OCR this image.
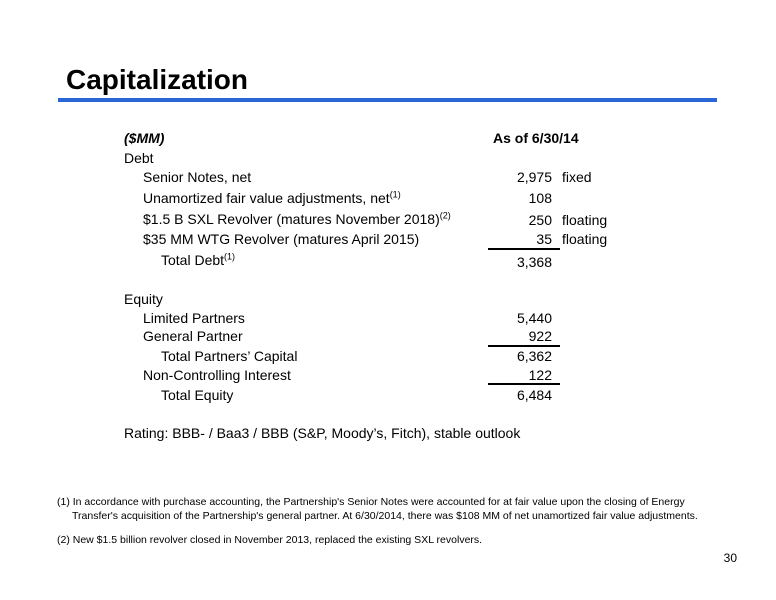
Capitalization
($MM)	As of 6/30/14
Debt
Senior Notes, net	2,975 fixed
Unamortized fair value adjustments, net$^{(1)}$	108
$1.5 B SXL Revolver (matures November 2018)$^{(2)}$	250 floating
$35 MM WTG Revolver (matures April 2015)	35 floating
Total Debt$^{(1)}$	3,368
Equity
Limited Partners	5,440
General Partner	922
Total Partners’ Capital	6,362
Non-Controlling Interest	122
Total Equity	6,484
Rating: BBB- / Baa3 / BBB (S&P, Moody’s, Fitch), stable outlook
(1) In accordance with purchase accounting, the Partnership's Senior Notes were accounted for at fair value upon the closing of Energy
Transfer's acquisition of the Partnership's general partner. At 6/30/2014, there was $108 MM of net unamortized fair value adjustments.
(2) New $1.5 billion revolver closed in November 2013, replaced the existing SXL revolvers.
30
